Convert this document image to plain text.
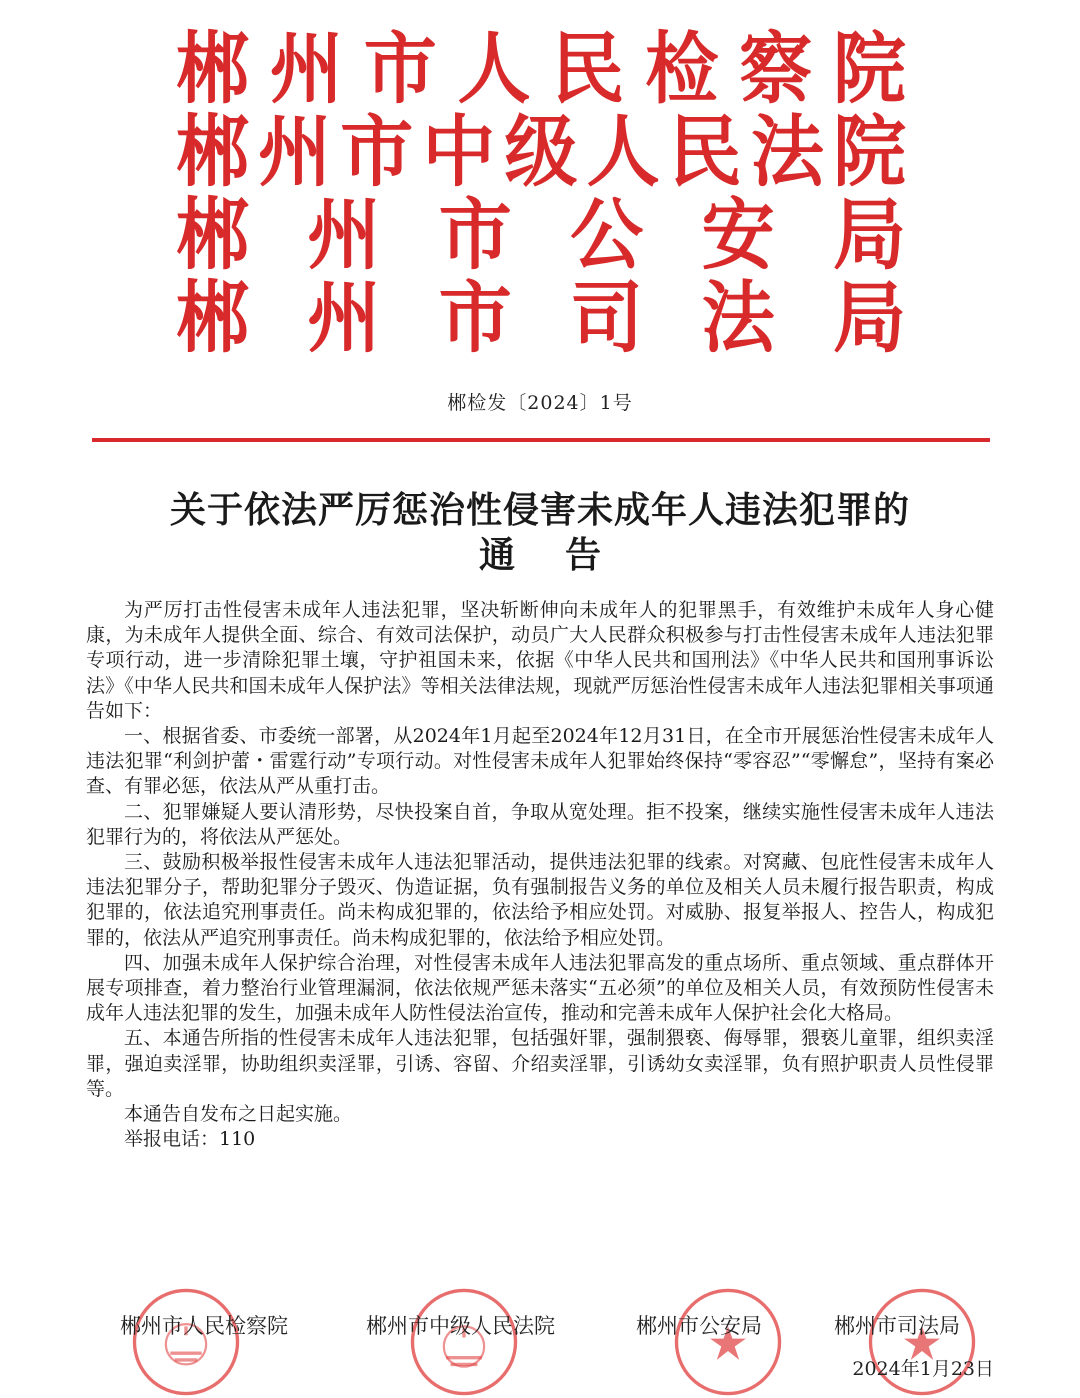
郴 州 市 人 民 检 察 院
郴 州 市 中 级 人 民 法 院
郴 州 市 公 安 局
郴 州 市 司 法 局
郴检发〔2024〕1号
关于依法严厉惩治性侵害未成年人违法犯罪的
通告

为严厉打击性侵害未成年人违法犯罪，坚决斩断伸向未成年人的犯罪黑手，有效维护未成年人身心健康，为未成年人提供全面、综合、有效司法保护，动员广大人民群众积极参与打击性侵害未成年人违法犯罪专项行动，进一步清除犯罪土壤，守护祖国未来，依据《中华人民共和国刑法》《中华人民共和国刑事诉讼法》《中华人民共和国未成年人保护法》等相关法律法规，现就严厉惩治性侵害未成年人违法犯罪相关事项通告如下：

一、根据省委、市委统一部署，从2024年1月起至2024年12月31日，在全市开展惩治性侵害未成年人违法犯罪“利剑护蕾・雷霆行动”专项行动。对性侵害未成年人犯罪始终保持“零容忍”“零懈怠”，坚持有案必查、有罪必惩，依法从严从重打击。

二、犯罪嫌疑人要认清形势，尽快投案自首，争取从宽处理。拒不投案，继续实施性侵害未成年人违法犯罪行为的，将依法从严惩处。

三、鼓励积极举报性侵害未成年人违法犯罪活动，提供违法犯罪的线索。对窝藏、包庇性侵害未成年人违法犯罪分子，帮助犯罪分子毁灭、伪造证据，负有强制报告义务的单位及相关人员未履行报告职责，构成犯罪的，依法追究刑事责任。尚未构成犯罪的，依法给予相应处罚。对威胁、报复举报人、控告人，构成犯罪的，依法从严追究刑事责任。尚未构成犯罪的，依法给予相应处罚。

四、加强未成年人保护综合治理，对性侵害未成年人违法犯罪高发的重点场所、重点领域、重点群体开展专项排查，着力整治行业管理漏洞，依法依规严惩未落实“五必须”的单位及相关人员，有效预防性侵害未成年人违法犯罪的发生，加强未成年人防性侵法治宣传，推动和完善未成年人保护社会化大格局。

五、本通告所指的性侵害未成年人违法犯罪，包括强奸罪，强制猥亵、侮辱罪，猥亵儿童罪，组织卖淫罪，强迫卖淫罪，协助组织卖淫罪，引诱、容留、介绍卖淫罪，引诱幼女卖淫罪，负有照护职责人员性侵罪等。

本通告自发布之日起实施。

举报电话：110

郴州市人民检察院	郴州市中级人民法院	郴州市公安局	郴州市司法局
2024年1月23日
